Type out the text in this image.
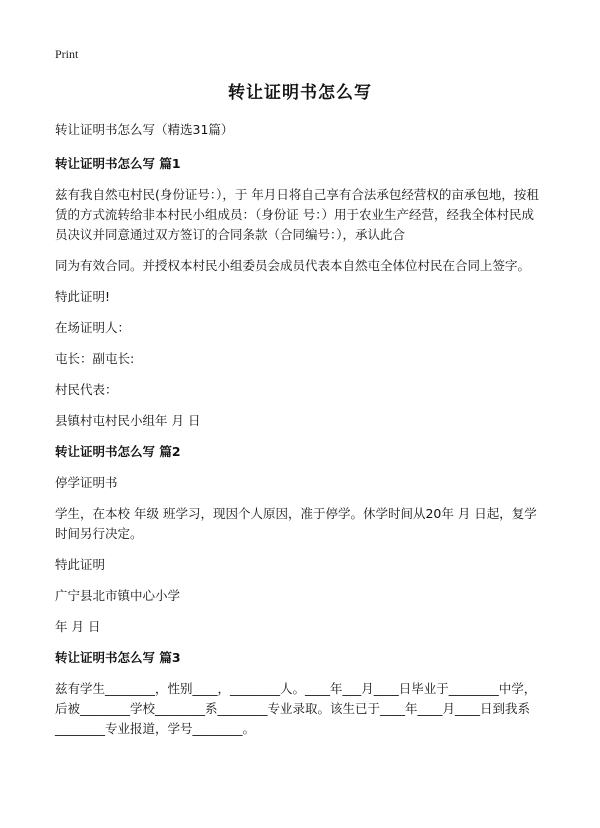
Print
转让证明书怎么写

转让证明书怎么写（精选31篇）

转让证明书怎么写 篇1

兹有我自然屯村民(身份证号：），于 年月日将自己享有合法承包经营权的亩承包地，按租赁的方式流转给非本村民小组成员：（身份证 号：）用于农业生产经营，经我全体村民成员决议并同意通过双方签订的合同条款（合同编号：），承认此合

同为有效合同。并授权本村民小组委员会成员代表本自然屯全体位村民在合同上签字。

特此证明!

在场证明人：

屯长：副屯长:

村民代表：

县镇村屯村民小组年 月 日

转让证明书怎么写 篇2

停学证明书

学生，在本校 年级 班学习，现因个人原因，准于停学。休学时间从20年 月 日起，复学时间另行决定。

特此证明

广宁县北市镇中心小学

年 月 日

转让证明书怎么写 篇3

兹有学生________，性别____，________人。____年___月____日毕业于________中学，后被________学校________系________专业录取。该生已于____年____月____日到我系________专业报道，学号________。
